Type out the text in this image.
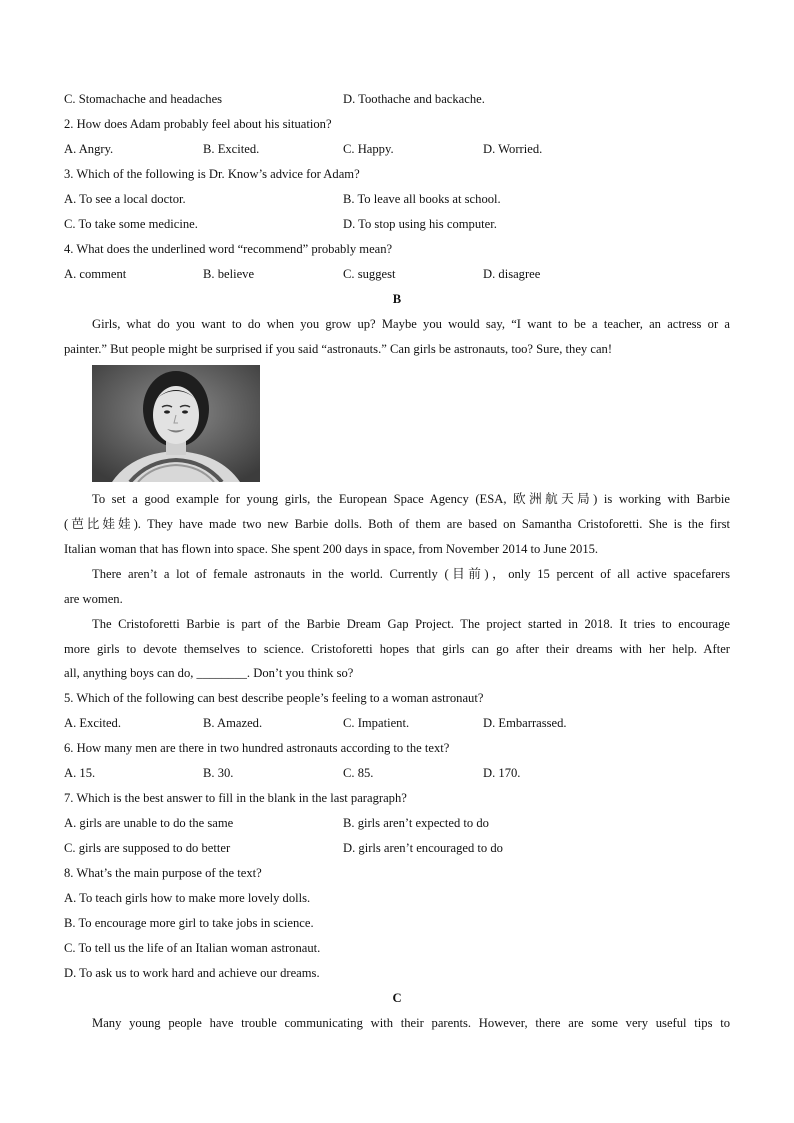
C. Stomachache and headaches	D. Toothache and backache.
2. How does Adam probably feel about his situation?
A. Angry.	B. Excited.	C. Happy.	D. Worried.
3. Which of the following is Dr. Know’s advice for Adam?
A. To see a local doctor.	B. To leave all books at school.
C. To take some medicine.	D. To stop using his computer.
4. What does the underlined word “recommend” probably mean?
A. comment	B. believe	C. suggest	D. disagree
B
Girls, what do you want to do when you grow up? Maybe you would say, “I want to be a teacher, an actress or a
painter.” But people might be surprised if you said “astronauts.” Can girls be astronauts, too? Sure, they can!
To set a good example for young girls, the European Space Agency (ESA, 欧洲航天局) is working with Barbie
(芭比娃娃). They have made two new Barbie dolls. Both of them are based on Samantha Cristoforetti. She is the first
Italian woman that has flown into space. She spent 200 days in space, from November 2014 to June 2015.
There aren’t a lot of female astronauts in the world. Currently (目前)，only 15 percent of all active spacefarers
are women.
The Cristoforetti Barbie is part of the Barbie Dream Gap Project. The project started in 2018. It tries to encourage
more girls to devote themselves to science. Cristoforetti hopes that girls can go after their dreams with her help. After
all, anything boys can do, ________. Don’t you think so?
5. Which of the following can best describe people’s feeling to a woman astronaut?
A. Excited.	B. Amazed.	C. Impatient.	D. Embarrassed.
6. How many men are there in two hundred astronauts according to the text?
A. 15.	B. 30.	C. 85.	D. 170.
7. Which is the best answer to fill in the blank in the last paragraph?
A. girls are unable to do the same	B. girls aren’t expected to do
C. girls are supposed to do better	D. girls aren’t encouraged to do
8. What’s the main purpose of the text?
A. To teach girls how to make more lovely dolls.
B. To encourage more girl to take jobs in science.
C. To tell us the life of an Italian woman astronaut.
D. To ask us to work hard and achieve our dreams.
C
Many young people have trouble communicating with their parents. However, there are some very useful tips to
